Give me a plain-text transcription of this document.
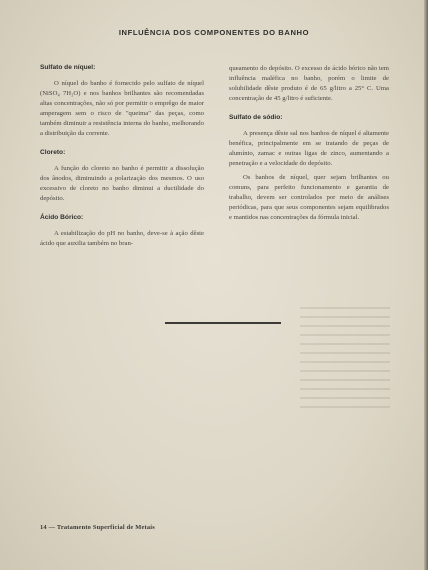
INFLUÊNCIA DOS COMPONENTES DO BANHO
Sulfato de níquel:

O níquel do banho é fornecido pelo sulfato de níquel (NiSO₄ 7H₂O) e nos banhos brilhantes são recomendadas altas concentrações, não só por permitir o emprêgo de maior amperagem sem o risco de "queima" das peças, como também diminuir a resistência interna do banho, melhorando a distribuição da corrente.

Cloreto:

A função do cloreto no banho é permitir a dissolução dos ânodos, diminuindo a polarização dos mesmos. O uso excessivo de cloreto no banho diminui a ductilidade do depósito.

Ácido Bórico:

A estabilização do pH no banho, deve-se à ação dêste ácido que auxilia também no bran-

queamento do depósito. O excesso de ácido bórico não tem influência maléfica no banho, porém o limite de solubilidade dêste produto é de 65 g/litro a 25° C. Uma concentração de 45 g/litro é suficiente.

Sulfato de sódio:

A presença dêste sal nos banhos de níquel é altamente benéfica, principalmente em se tratando de peças de alumínio, zamac e outras ligas de zinco, aumentando a penetração e a velocidade do depósito.

Os banhos de níquel, quer sejam brilhantes ou comuns, para perfeito funcionamento e garantia de trabalho, devem ser controlados por meio de análises periódicas, para que seus componentes sejam equilibrados e mantidos nas concentrações da fórmula inicial.

14 — Tratamento Superficial de Metais
